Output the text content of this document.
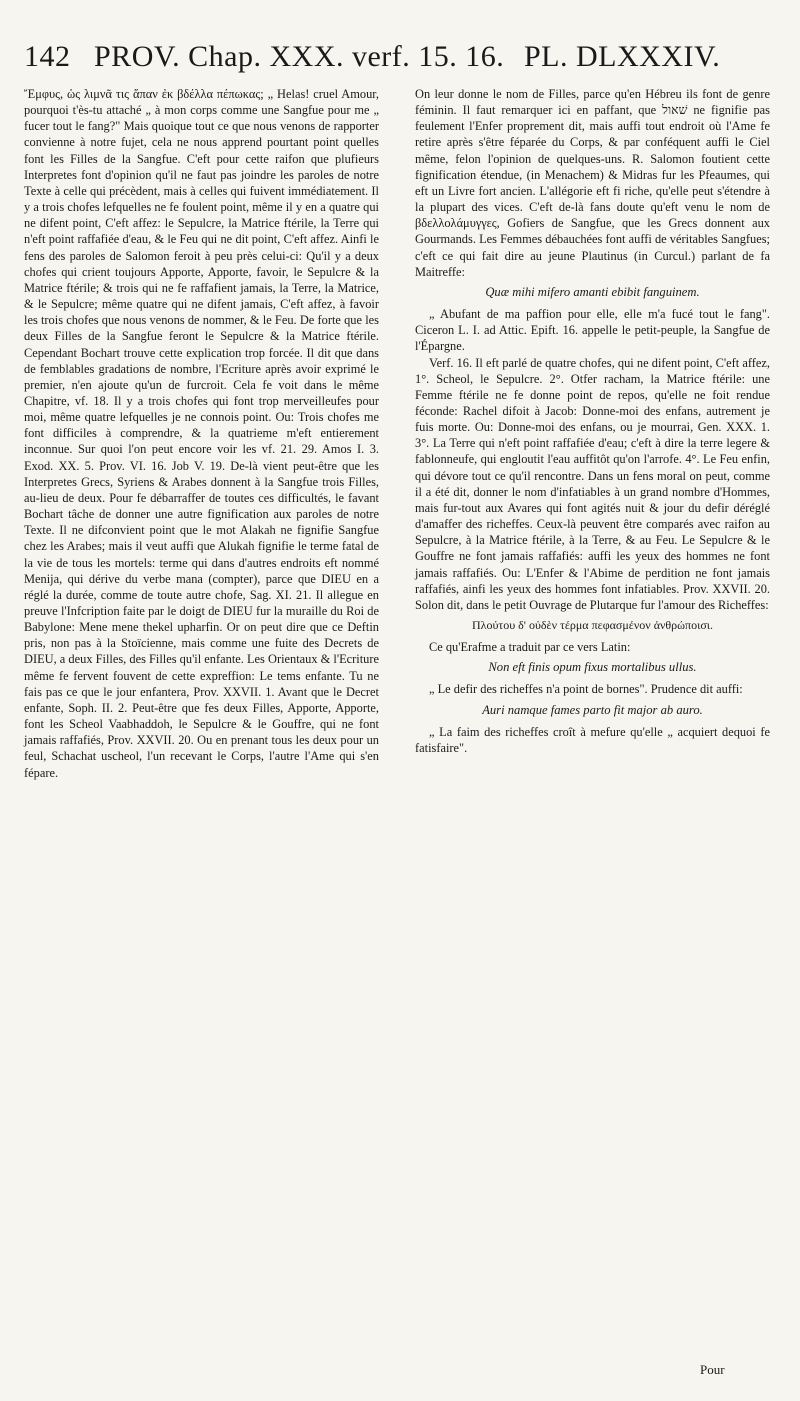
142 PROV. Chap. XXX. verf. 15. 16. PL. DLXXXIV.

Ἔμφυς, ὡς λιμνᾶ τις ἅπαν ἐκ βδέλλα πέπωκας; „ Helas! cruel Amour, pourquoi t'ès-tu attaché „ à mon corps comme une Sangfue pour me „ fucer tout le fang?" Mais quoique tout ce que nous venons de rapporter convienne à notre fujet, cela ne nous apprend pourtant point quelles font les Filles de la Sangfue. C'eft pour cette raifon que plufieurs Interpretes font d'opinion qu'il ne faut pas joindre les paroles de notre Texte à celle qui précèdent, mais à celles qui fuivent immédiatement. Il y a trois chofes lefquelles ne fe foulent point, même il y en a quatre qui ne difent point, C'eft affez: le Sepulcre, la Matrice ftérile, la Terre qui n'eft point raffafiée d'eau, & le Feu qui ne dit point, C'eft affez. Ainfi le fens des paroles de Salomon feroit à peu près celui-ci: Qu'il y a deux chofes qui crient toujours Apporte, Apporte, favoir, le Sepulcre & la Matrice ftérile; & trois qui ne fe raffafient jamais, la Terre, la Matrice, & le Sepulcre; même quatre qui ne difent jamais, C'eft affez, à favoir les trois chofes que nous venons de nommer, & le Feu. De forte que les deux Filles de la Sangfue feront le Sepulcre & la Matrice ftérile. Cependant Bochart trouve cette explication trop forcée. Il dit que dans de femblables gradations de nombre, l'Ecriture après avoir exprimé le premier, n'en ajoute qu'un de furcroit. Cela fe voit dans le même Chapitre, vf. 18. Il y a trois chofes qui font trop merveilleufes pour moi, même quatre lefquelles je ne connois point. Ou: Trois chofes me font difficiles à comprendre, & la quatrieme m'eft entierement inconnue. Sur quoi l'on peut encore voir les vf. 21. 29. Amos I. 3. Exod. XX. 5. Prov. VI. 16. Job V. 19. De-là vient peut-être que les Interpretes Grecs, Syriens & Arabes donnent à la Sangfue trois Filles, au-lieu de deux. Pour fe débarraffer de toutes ces difficultés, le favant Bochart tâche de donner une autre fignification aux paroles de notre Texte. Il ne difconvient point que le mot Alakah ne fignifie Sangfue chez les Arabes; mais il veut auffi que Alukah fignifie le terme fatal de la vie de tous les mortels: terme qui dans d'autres endroits eft nommé Menija, qui dérive du verbe mana (compter), parce que DIEU en a réglé la durée, comme de toute autre chofe, Sag. XI. 21. Il allegue en preuve l'Infcription faite par le doigt de DIEU fur la muraille du Roi de Babylone: Mene mene thekel upharfin. Or on peut dire que ce Deftin pris, non pas à la Stoïcienne, mais comme une fuite des Decrets de DIEU, a deux Filles, des Filles qu'il enfante. Les Orientaux & l'Ecriture même fe fervent fouvent de cette expreffion: Le tems enfante. Tu ne fais pas ce que le jour enfantera, Prov. XXVII. 1. Avant que le Decret enfante, Soph. II. 2. Peut-être que fes deux Filles, Apporte, Apporte, font les Scheol Vaabhaddoh, le Sepulcre & le Gouffre, qui ne font jamais raffafiés, Prov. XXVII. 20. Ou en prenant tous les deux pour un feul, Schachat uscheol, l'un recevant le Corps, l'autre l'Ame qui s'en fépare.

On leur donne le nom de Filles, parce qu'en Hébreu ils font de genre féminin. Il faut remarquer ici en paffant, que שׁאול ne fignifie pas feulement l'Enfer proprement dit, mais auffi tout endroit où l'Ame fe retire après s'être féparée du Corps, & par conféquent auffi le Ciel même, felon l'opinion de quelques-uns. R. Salomon foutient cette fignification étendue, (in Menachem) & Midras fur les Pfeaumes, qui eft un Livre fort ancien. L'allégorie eft fi riche, qu'elle peut s'étendre à la plupart des vices. C'eft de-là fans doute qu'eft venu le nom de βδελλολάμυγγες, Gofiers de Sangfue, que les Grecs donnent aux Gourmands. Les Femmes débauchées font auffi de véritables Sangfues; c'eft ce qui fait dire au jeune Plautinus (in Curcul.) parlant de fa Maitreffe:

Quæ mihi mifero amanti ebibit fanguinem.

„ Abufant de ma paffion pour elle, elle m'a fucé tout le fang". Ciceron L. I. ad Attic. Epift. 16. appelle le petit-peuple, la Sangfue de l'Épargne.

Verf. 16. Il eft parlé de quatre chofes, qui ne difent point, C'eft affez, 1°. Scheol, le Sepulcre. 2°. Otfer racham, la Matrice ftérile: une Femme ftérile ne fe donne point de repos, qu'elle ne foit rendue féconde: Rachel difoit à Jacob: Donne-moi des enfans, autrement je fuis morte. Ou: Donne-moi des enfans, ou je mourrai, Gen. XXX. 1. 3°. La Terre qui n'eft point raffafiée d'eau; c'eft à dire la terre legere & fablonneufe, qui engloutit l'eau auffitôt qu'on l'arrofe. 4°. Le Feu enfin, qui dévore tout ce qu'il rencontre. Dans un fens moral on peut, comme il a été dit, donner le nom d'infatiables à un grand nombre d'Hommes, mais fur-tout aux Avares qui font agités nuit & jour du defir déréglé d'amaffer des richeffes. Ceux-là peuvent être comparés avec raifon au Sepulcre, à la Matrice ftérile, à la Terre, & au Feu. Le Sepulcre & le Gouffre ne font jamais raffafiés: auffi les yeux des hommes ne font jamais raffafiés. Ou: L'Enfer & l'Abime de perdition ne font jamais raffafiés, ainfi les yeux des hommes font infatiables. Prov. XXVII. 20. Solon dit, dans le petit Ouvrage de Plutarque fur l'amour des Richeffes:

Πλούτου δ' οὐδὲν τέρμα πεφασμένον ἀνθρώποισι.

Ce qu'Erafme a traduit par ce vers Latin:

Non eft finis opum fixus mortalibus ullus.

„ Le defir des richeffes n'a point de bornes". Prudence dit auffi:

Auri namque fames parto fit major ab auro.

„ La faim des richeffes croît à mefure qu'elle „ acquiert dequoi fe fatisfaire".

Pour
